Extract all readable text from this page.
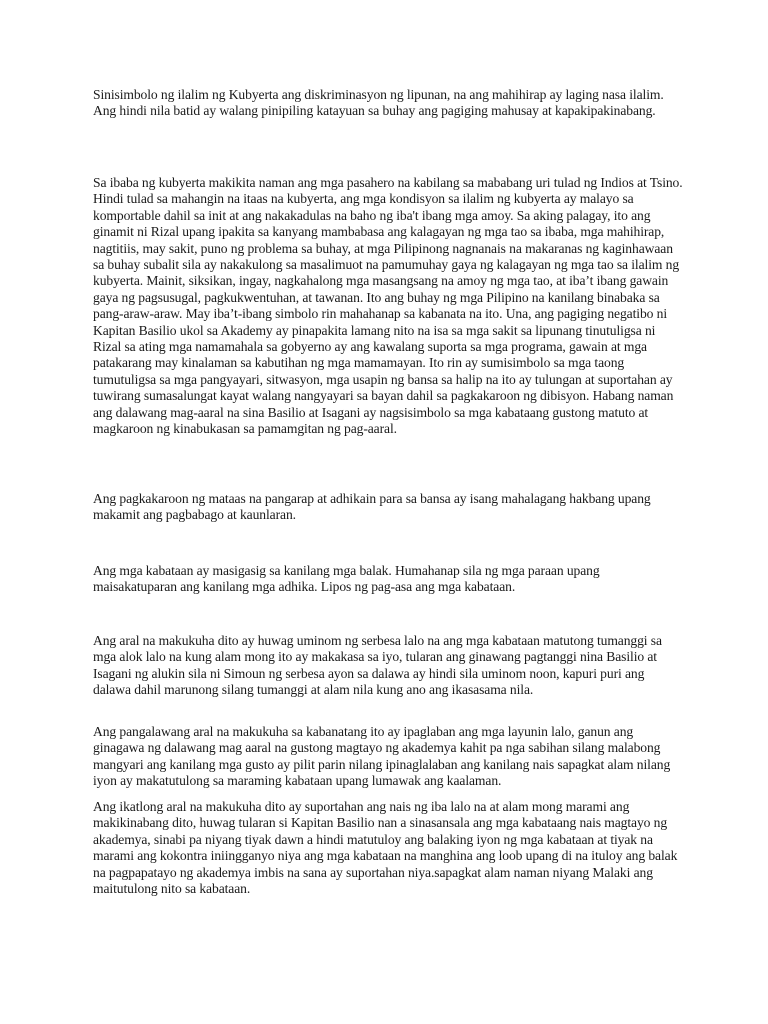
Sinisimbolo ng ilalim ng Kubyerta ang diskriminasyon ng lipunan, na ang mahihirap ay laging nasa ilalim. Ang hindi nila batid ay walang pinipiling katayuan sa buhay ang pagiging mahusay at kapakipakinabang.

Sa ibaba ng kubyerta makikita naman ang mga pasahero na kabilang sa mababang uri tulad ng Indios at Tsino. Hindi tulad sa mahangin na itaas na kubyerta, ang mga kondisyon sa ilalim ng kubyerta ay malayo sa komportable dahil sa init at ang nakakadulas na baho ng iba't ibang mga amoy. Sa aking palagay, ito ang ginamit ni Rizal upang ipakita sa kanyang mambabasa ang kalagayan ng mga tao sa ibaba, mga mahihirap, nagtitiis, may sakit, puno ng problema sa buhay, at mga Pilipinong nagnanais na makaranas ng kaginhawaan sa buhay subalit sila ay nakakulong sa masalimuot na pamumuhay gaya ng kalagayan ng mga tao sa ilalim ng kubyerta. Mainit, siksikan, ingay, nagkahalong mga masangsang na amoy ng mga tao, at iba’t ibang gawain gaya ng pagsusugal, pagkukwentuhan, at tawanan. Ito ang buhay ng mga Pilipino na kanilang binabaka sa pang-araw-araw. May iba’t-ibang simbolo rin mahahanap sa kabanata na ito. Una, ang pagiging negatibo ni Kapitan Basilio ukol sa Akademy ay pinapakita lamang nito na isa sa mga sakit sa lipunang tinutuligsa ni Rizal sa ating mga namamahala sa gobyerno ay ang kawalang suporta sa mga programa, gawain at mga patakarang may kinalaman sa kabutihan ng mga mamamayan. Ito rin ay sumisimbolo sa mga taong tumutuligsa sa mga pangyayari, sitwasyon, mga usapin ng bansa sa halip na ito ay tulungan at suportahan ay tuwirang sumasalungat kayat walang nangyayari sa bayan dahil sa pagkakaroon ng dibisyon. Habang naman ang dalawang mag-aaral na sina Basilio at Isagani ay nagsisimbolo sa mga kabataang gustong matuto at magkaroon ng kinabukasan sa pamamgitan ng pag-aaral.

Ang pagkakaroon ng mataas na pangarap at adhikain para sa bansa ay isang mahalagang hakbang upang makamit ang pagbabago at kaunlaran.

Ang mga kabataan ay masigasig sa kanilang mga balak. Humahanap sila ng mga paraan upang maisakatuparan ang kanilang mga adhika. Lipos ng pag-asa ang mga kabataan.

Ang aral na makukuha dito ay huwag uminom ng serbesa lalo na ang mga kabataan matutong tumanggi sa mga alok lalo na kung alam mong ito ay makakasa sa iyo, tularan ang ginawang pagtanggi nina Basilio at Isagani ng alukin sila ni Simoun ng serbesa ayon sa dalawa ay hindi sila uminom noon, kapuri puri ang dalawa dahil marunong silang tumanggi at alam nila kung ano ang ikasasama nila.

Ang pangalawang aral na makukuha sa kabanatang ito ay ipaglaban ang mga layunin lalo, ganun ang ginagawa ng dalawang mag aaral na gustong magtayo ng akademya kahit pa nga sabihan silang malabong mangyari ang kanilang mga gusto ay pilit parin nilang ipinaglalaban ang kanilang nais sapagkat alam nilang iyon ay makatutulong sa maraming kabataan upang lumawak ang kaalaman.

Ang ikatlong aral na makukuha dito ay suportahan ang nais ng iba lalo na at alam mong marami ang makikinabang dito, huwag tularan si Kapitan Basilio nan a sinasansala ang mga kabataang nais magtayo ng akademya, sinabi pa niyang tiyak dawn a hindi matutuloy ang balaking iyon ng mga kabataan at tiyak na marami ang kokontra iniingganyo niya ang mga kabataan na manghina ang loob upang di na ituloy ang balak na pagpapatayo ng akademya imbis na sana ay suportahan niya.sapagkat alam naman niyang Malaki ang maitutulong nito sa kabataan.
